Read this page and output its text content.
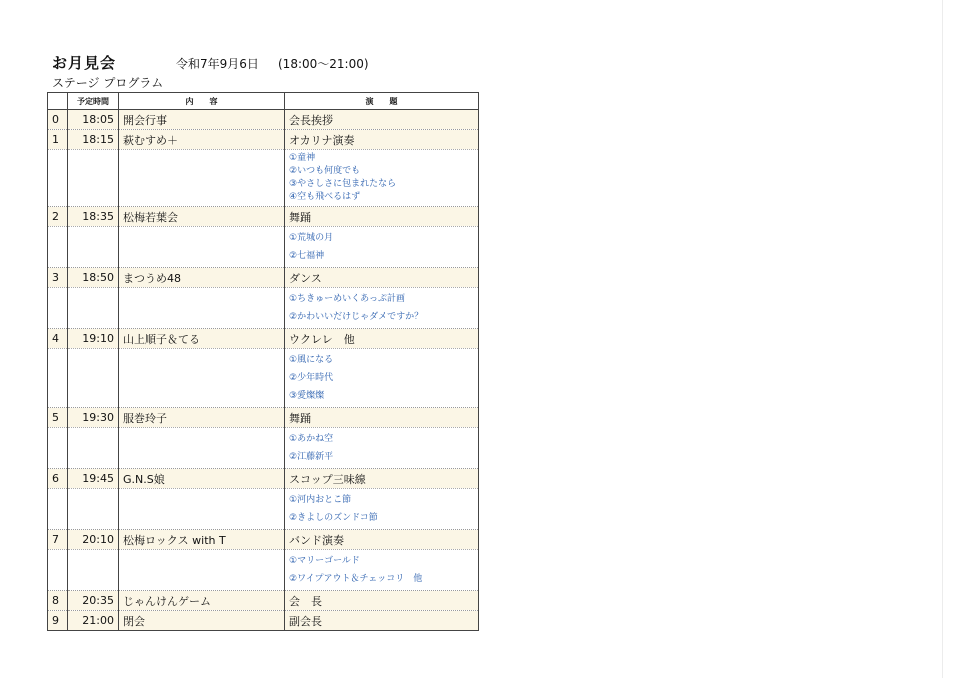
お月見会	令和7年9月6日 (18:00～21:00)
ステージ プログラム
	予定時間	内　　容	演　　題
0	18:05	開会行事	会長挨拶
1	18:15	萩むすめ＋	オカリナ演奏

			①童神
②いつも何度でも
③やさしさに包まれたなら
④空も飛べるはず

2	18:35	松梅若葉会	舞踊

			①荒城の月
②七福神

3	18:50	まつうめ48	ダンス

			①ちきゅーめいくあっぷ計画
②かわいいだけじゃダメですか？

4	19:10	山上順子＆てる	ウクレレ　他

			①風になる
②少年時代
③愛燦燦

5	19:30	服巻玲子	舞踊

			①あかね空
②江藤新平

6	19:45	G.N.S娘	スコップ三味線

			①河内おとこ節
②きよしのズンドコ節

7	20:10	松梅ロックス with T	バンド演奏

			①マリーゴールド
②ワイプアウト＆チェッコリ　他

8	20:35	じゃんけんゲーム	会　長
9	21:00	閉会	副会長
